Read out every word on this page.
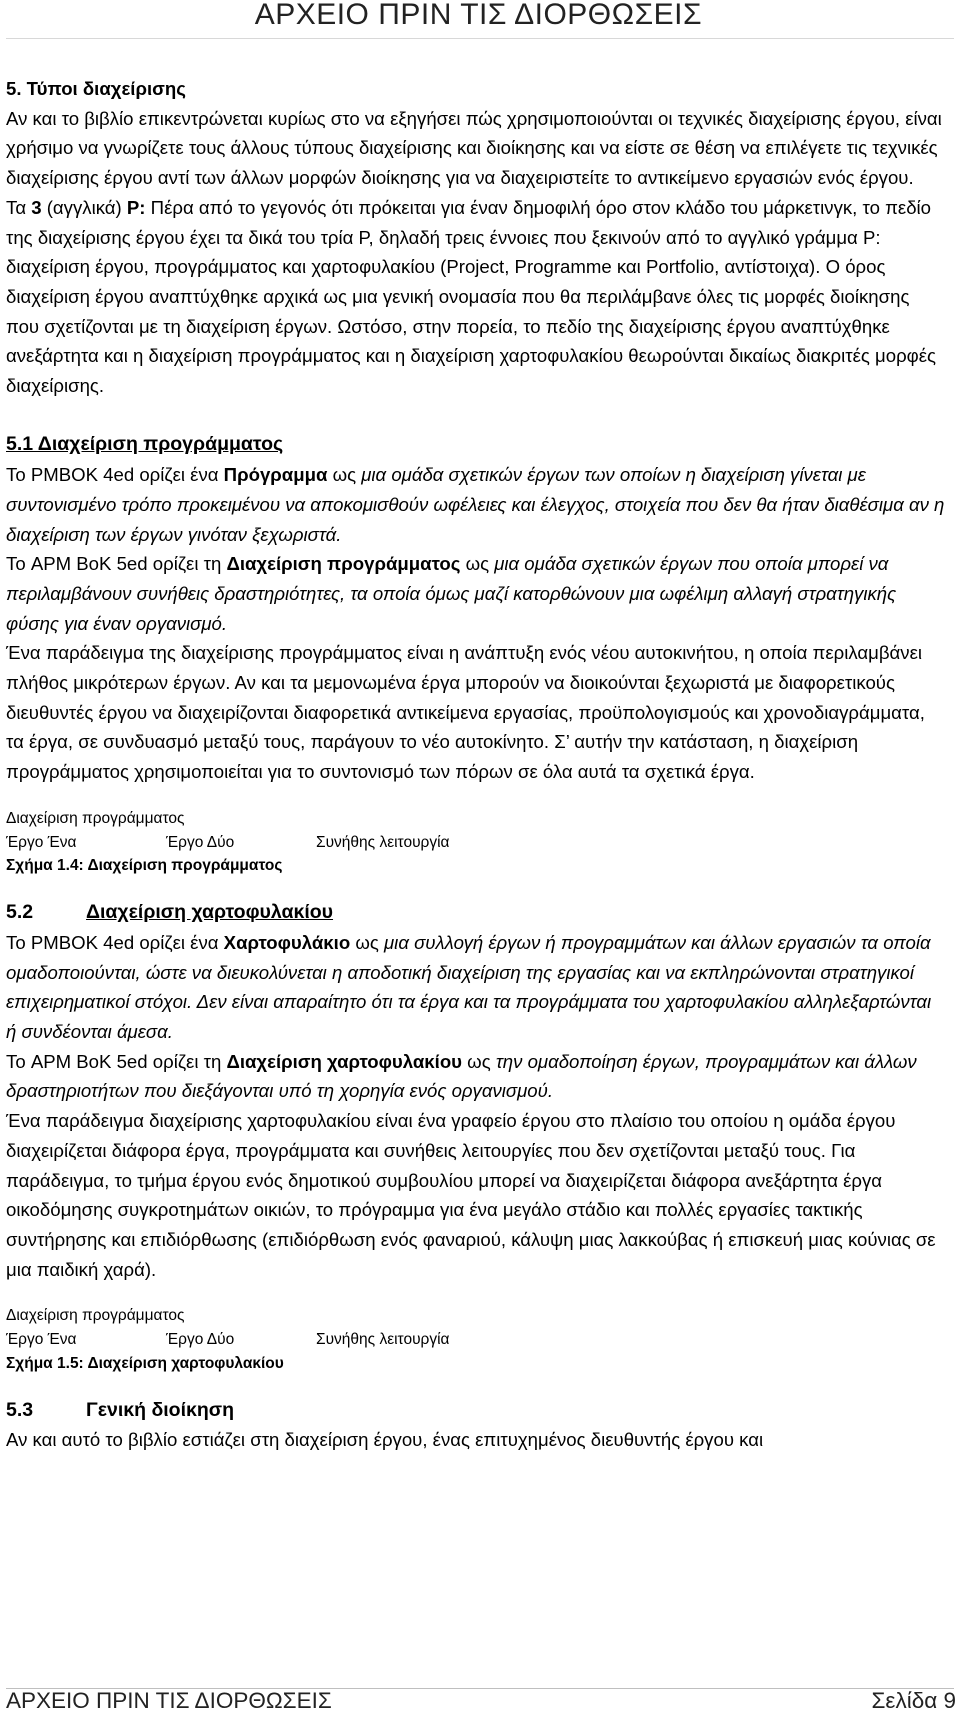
ΑΡΧΕΙΟ ΠΡΙΝ ΤΙΣ ΔΙΟΡΘΩΣΕΙΣ

5. Τύποι διαχείρισης

Αν και το βιβλίο επικεντρώνεται κυρίως στο να εξηγήσει πώς χρησιμοποιούνται οι τεχνικές διαχείρισης έργου, είναι χρήσιμο να γνωρίζετε τους άλλους τύπους διαχείρισης και διοίκησης και να είστε σε θέση να επιλέγετε τις τεχνικές διαχείρισης έργου αντί των άλλων μορφών διοίκησης για να διαχειριστείτε το αντικείμενο εργασιών ενός έργου.

Τα 3 (αγγλικά) P: Πέρα από το γεγονός ότι πρόκειται για έναν δημοφιλή όρο στον κλάδο του μάρκετινγκ, το πεδίο της διαχείρισης έργου έχει τα δικά του τρία P, δηλαδή τρεις έννοιες που ξεκινούν από το αγγλικό γράμμα P: διαχείριση έργου, προγράμματος και χαρτοφυλακίου (Project, Programme και Portfolio, αντίστοιχα). Ο όρος διαχείριση έργου αναπτύχθηκε αρχικά ως μια γενική ονομασία που θα περιλάμβανε όλες τις μορφές διοίκησης που σχετίζονται με τη διαχείριση έργων. Ωστόσο, στην πορεία, το πεδίο της διαχείρισης έργου αναπτύχθηκε ανεξάρτητα και η διαχείριση προγράμματος και η διαχείριση χαρτοφυλακίου θεωρούνται δικαίως διακριτές μορφές διαχείρισης.

5.1 Διαχείριση προγράμματος

Το PMBOK 4ed ορίζει ένα Πρόγραμμα ως μια ομάδα σχετικών έργων των οποίων η διαχείριση γίνεται με συντονισμένο τρόπο προκειμένου να αποκομισθούν ωφέλειες και έλεγχος, στοιχεία που δεν θα ήταν διαθέσιμα αν η διαχείριση των έργων γινόταν ξεχωριστά.

Το APM BoK 5ed ορίζει τη Διαχείριση προγράμματος ως μια ομάδα σχετικών έργων που οποία μπορεί να περιλαμβάνουν συνήθεις δραστηριότητες, τα οποία όμως μαζί κατορθώνουν μια ωφέλιμη αλλαγή στρατηγικής φύσης για έναν οργανισμό.

Ένα παράδειγμα της διαχείρισης προγράμματος είναι η ανάπτυξη ενός νέου αυτοκινήτου, η οποία περιλαμβάνει πλήθος μικρότερων έργων. Αν και τα μεμονωμένα έργα μπορούν να διοικούνται ξεχωριστά με διαφορετικούς διευθυντές έργου να διαχειρίζονται διαφορετικά αντικείμενα εργασίας, προϋπολογισμούς και χρονοδιαγράμματα, τα έργα, σε συνδυασμό μεταξύ τους, παράγουν το νέο αυτοκίνητο. Σ’ αυτήν την κατάσταση, η διαχείριση προγράμματος χρησιμοποιείται για το συντονισμό των πόρων σε όλα αυτά τα σχετικά έργα.

Διαχείριση προγράμματος
Έργο Ένα	Έργο Δύο	Συνήθης λειτουργία
Σχήμα 1.4: Διαχείριση προγράμματος

5.2	Διαχείριση χαρτοφυλακίου

Το PMBOK 4ed ορίζει ένα Χαρτοφυλάκιο ως μια συλλογή έργων ή προγραμμάτων και άλλων εργασιών τα οποία ομαδοποιούνται, ώστε να διευκολύνεται η αποδοτική διαχείριση της εργασίας και να εκπληρώνονται στρατηγικοί επιχειρηματικοί στόχοι. Δεν είναι απαραίτητο ότι τα έργα και τα προγράμματα του χαρτοφυλακίου αλληλεξαρτώνται ή συνδέονται άμεσα.

Το APM BoK 5ed ορίζει τη Διαχείριση χαρτοφυλακίου ως την ομαδοποίηση έργων, προγραμμάτων και άλλων δραστηριοτήτων που διεξάγονται υπό τη χορηγία ενός οργανισμού.

Ένα παράδειγμα διαχείρισης χαρτοφυλακίου είναι ένα γραφείο έργου στο πλαίσιο του οποίου η ομάδα έργου διαχειρίζεται διάφορα έργα, προγράμματα και συνήθεις λειτουργίες που δεν σχετίζονται μεταξύ τους. Για παράδειγμα, το τμήμα έργου ενός δημοτικού συμβουλίου μπορεί να διαχειρίζεται διάφορα ανεξάρτητα έργα οικοδόμησης συγκροτημάτων οικιών, το πρόγραμμα για ένα μεγάλο στάδιο και πολλές εργασίες τακτικής συντήρησης και επιδιόρθωσης (επιδιόρθωση ενός φαναριού, κάλυψη μιας λακκούβας ή επισκευή μιας κούνιας σε μια παιδική χαρά).

Διαχείριση προγράμματος
Έργο Ένα	Έργο Δύο	Συνήθης λειτουργία
Σχήμα 1.5: Διαχείριση χαρτοφυλακίου

5.3	Γενική διοίκηση

Αν και αυτό το βιβλίο εστιάζει στη διαχείριση έργου, ένας επιτυχημένος διευθυντής έργου και

ΑΡΧΕΙΟ ΠΡΙΝ ΤΙΣ ΔΙΟΡΘΩΣΕΙΣ	Σελίδα 9
